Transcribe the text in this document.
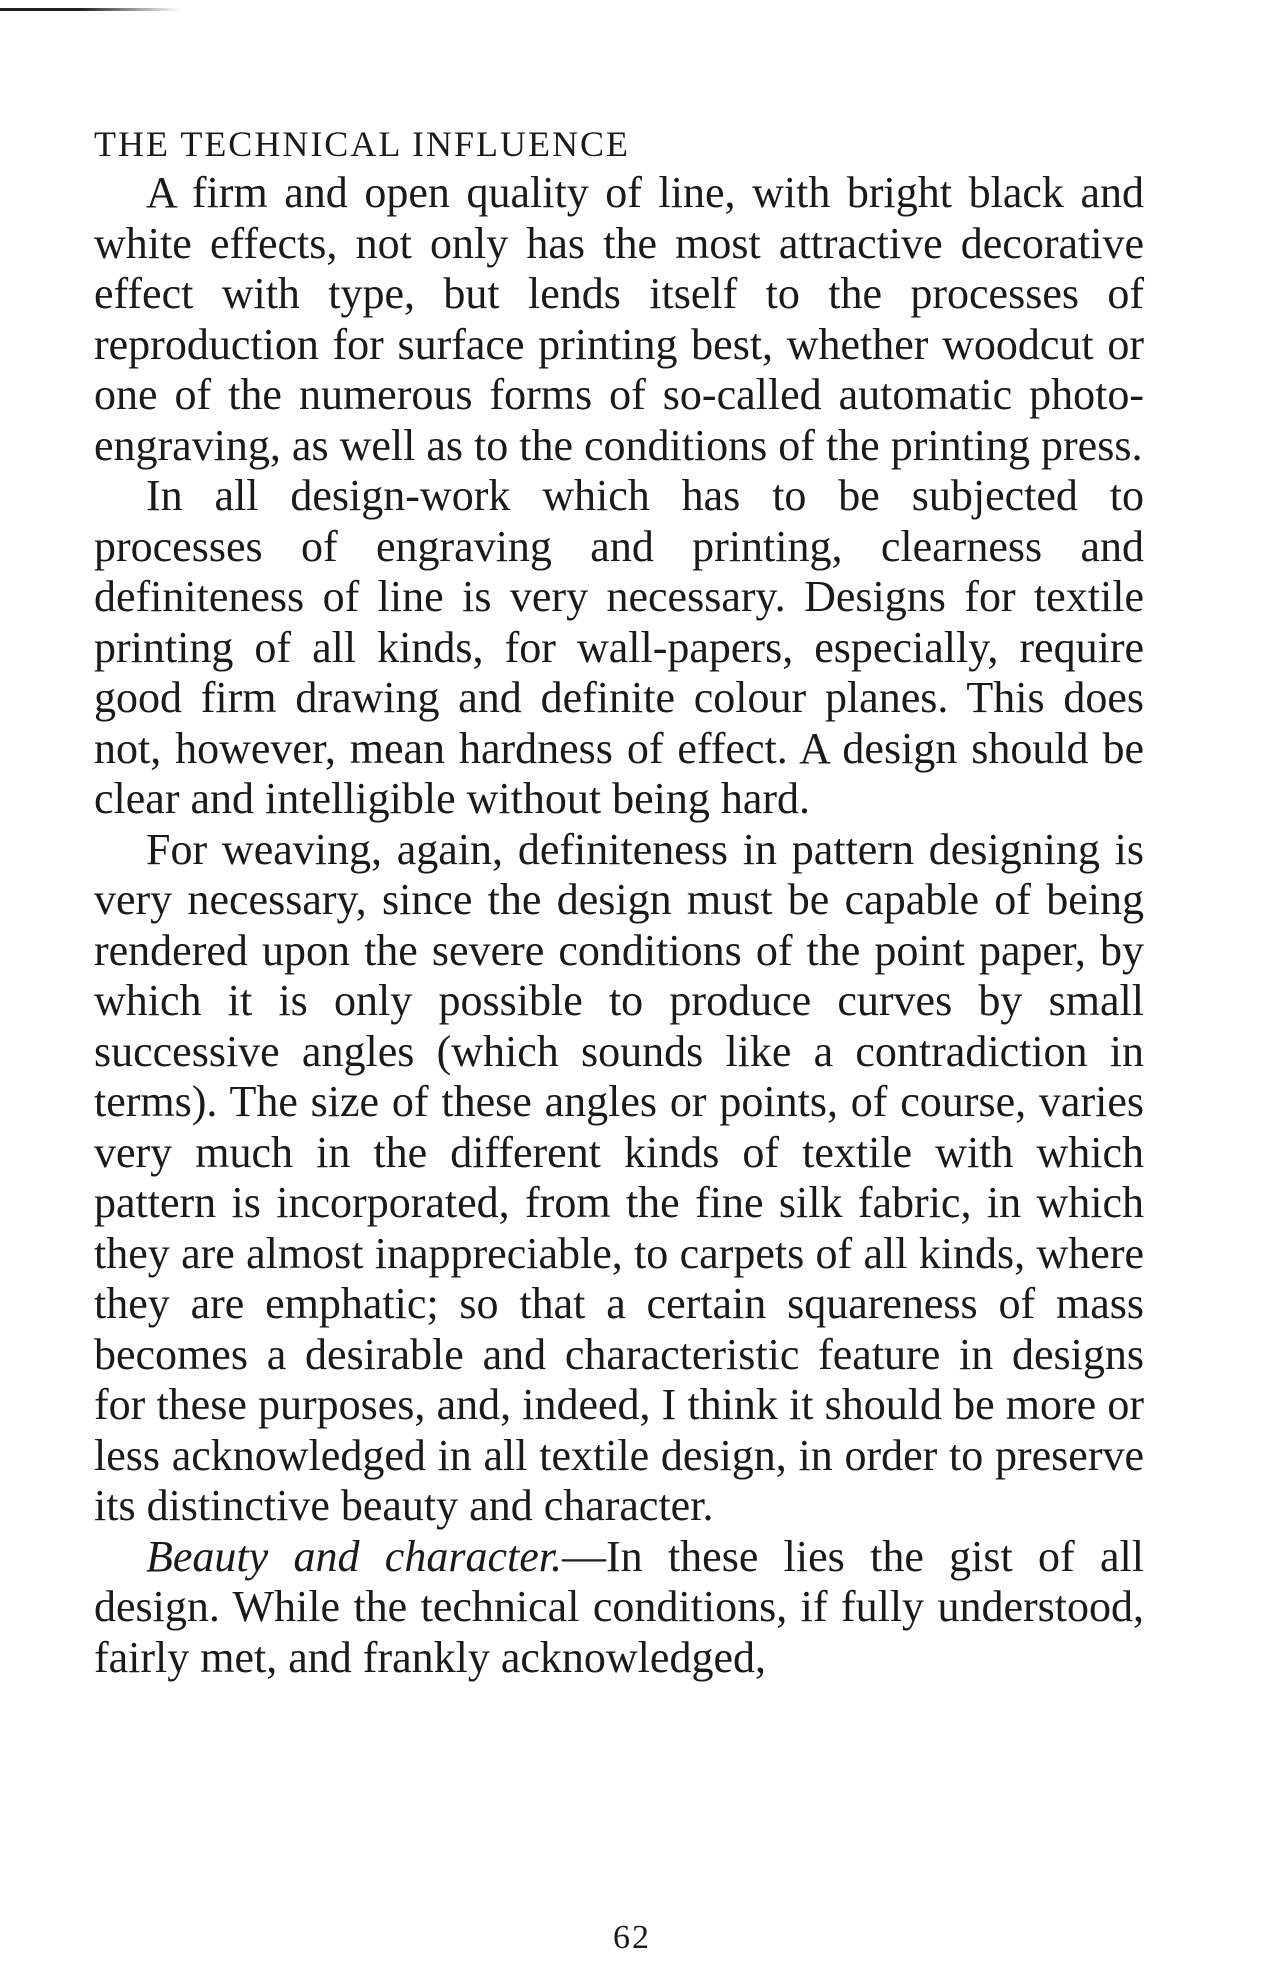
THE TECHNICAL INFLUENCE

A firm and open quality of line, with bright black and white effects, not only has the most attractive decorative effect with type, but lends itself to the processes of reproduction for surface printing best, whether woodcut or one of the numerous forms of so-called automatic photo-engraving, as well as to the conditions of the printing press.

In all design-work which has to be subjected to processes of engraving and printing, clearness and definiteness of line is very necessary. Designs for textile printing of all kinds, for wall-papers, especially, require good firm drawing and definite colour planes. This does not, however, mean hardness of effect. A design should be clear and intelligible without being hard.

For weaving, again, definiteness in pattern designing is very necessary, since the design must be capable of being rendered upon the severe conditions of the point paper, by which it is only possible to produce curves by small successive angles (which sounds like a contradiction in terms). The size of these angles or points, of course, varies very much in the different kinds of textile with which pattern is incorporated, from the fine silk fabric, in which they are almost inappreciable, to carpets of all kinds, where they are emphatic; so that a certain squareness of mass becomes a desirable and characteristic feature in designs for these purposes, and, indeed, I think it should be more or less acknowledged in all textile design, in order to preserve its distinctive beauty and character.

Beauty and character.—In these lies the gist of all design. While the technical conditions, if fully understood, fairly met, and frankly acknowledged,

62
